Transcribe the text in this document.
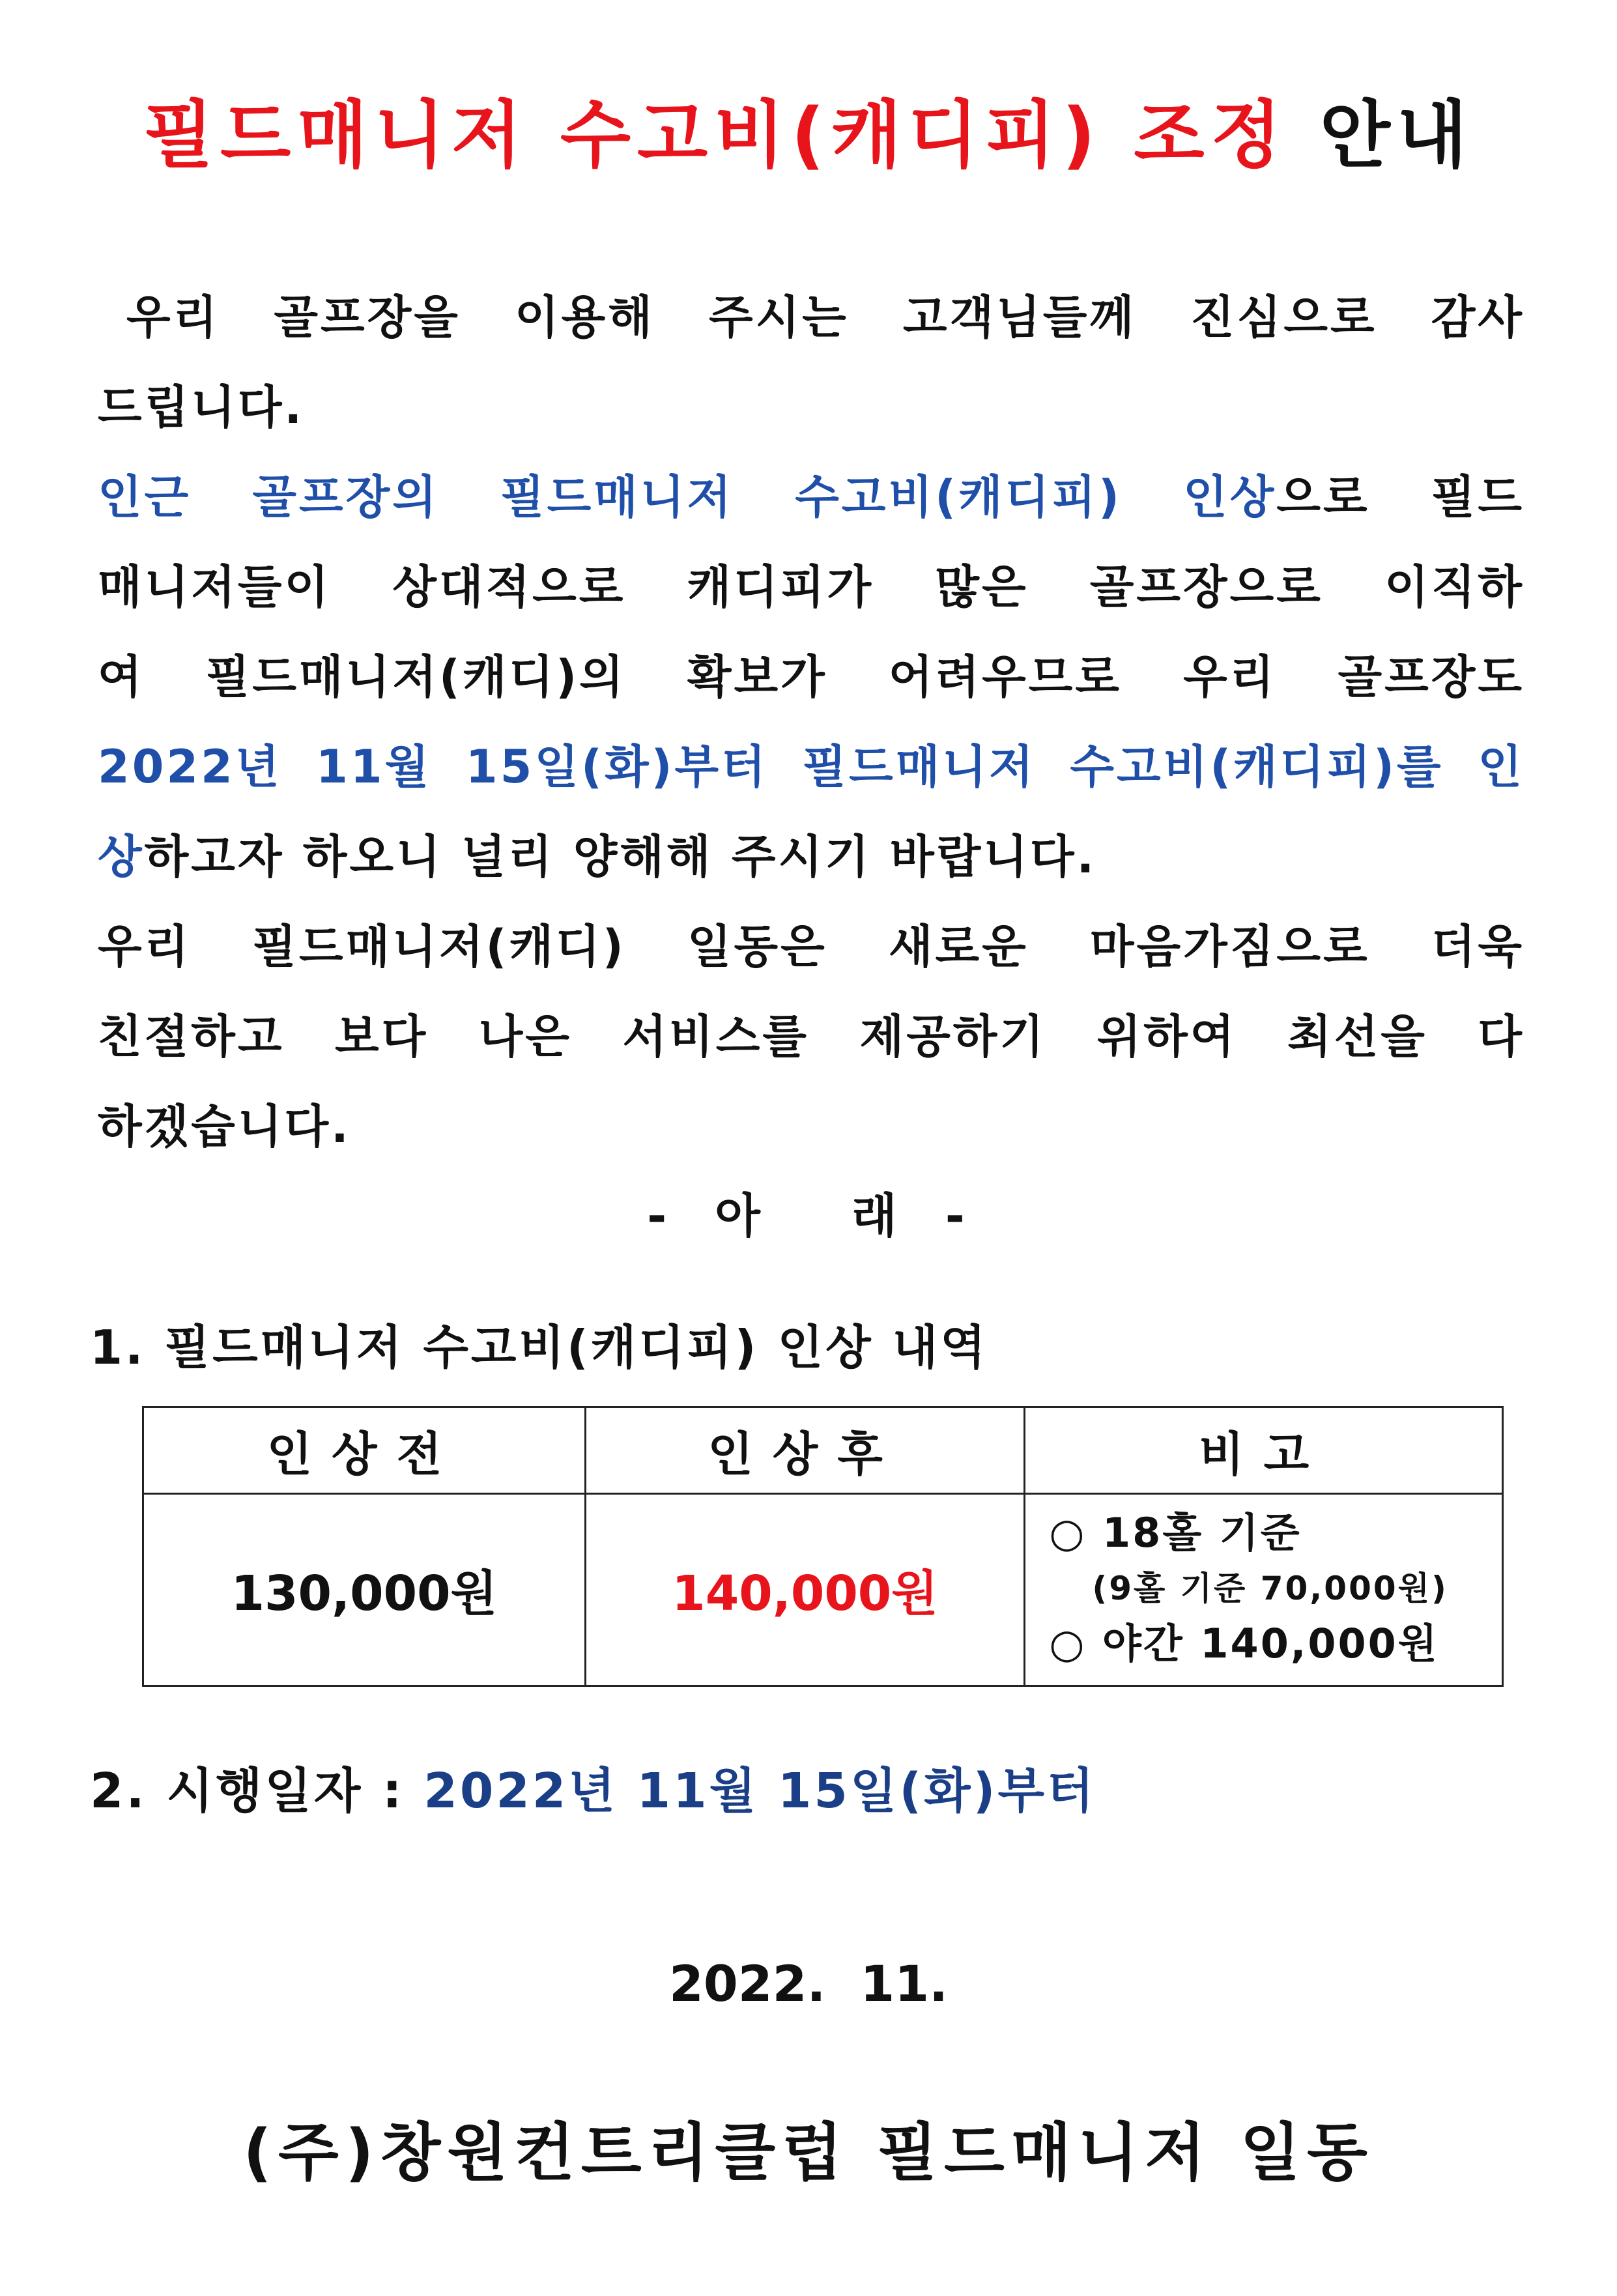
필드매니저 수고비(캐디피) 조정 안내
우리 골프장을 이용해 주시는 고객님들께 진심으로 감사
드립니다.
인근 골프장의 필드매니저 수고비(캐디피) 인상으로 필드
매니저들이 상대적으로 캐디피가 많은 골프장으로 이직하
여 필드매니저(캐디)의 확보가 어려우므로 우리 골프장도
2022년 11월 15일(화)부터 필드매니저 수고비(캐디피)를 인
상하고자 하오니 널리 양해해 주시기 바랍니다.
우리 필드매니저(캐디) 일동은 새로운 마음가짐으로 더욱
친절하고 보다 나은 서비스를 제공하기 위하여 최선을 다
하겠습니다.
-  아    래  -
1. 필드매니저 수고비(캐디피) 인상 내역
인상전	인상후	비고
130,000원	140,000원	○ 18홀 기준
(9홀 기준 70,000원)
○ 야간 140,000원
2. 시행일자 : 2022년 11월 15일(화)부터
2022.  11.
(주)창원컨트리클럽 필드매니저 일동
